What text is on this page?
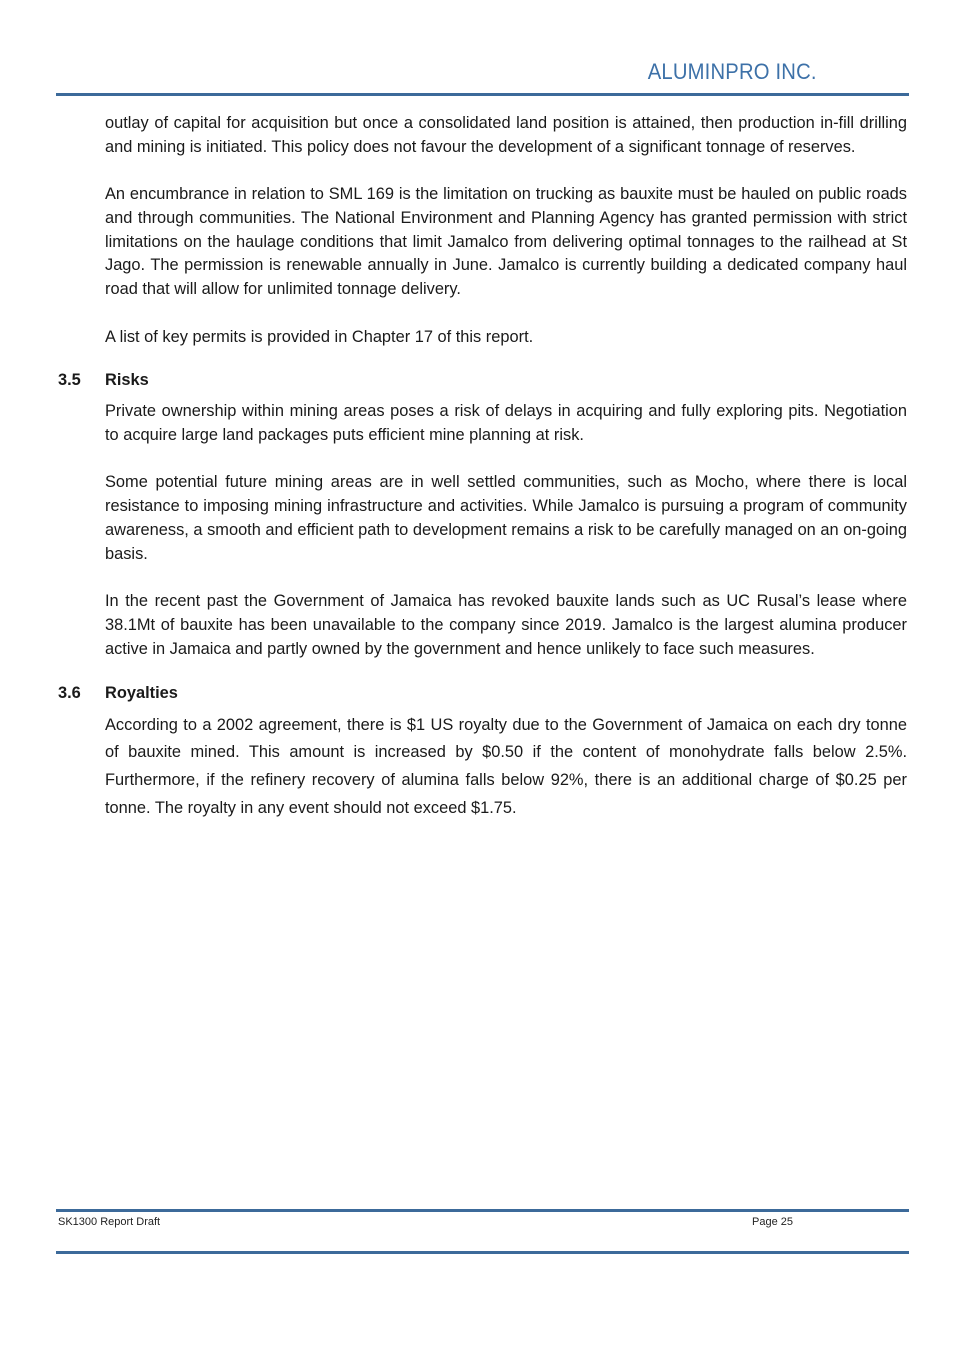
ALUMINPRO INC.

outlay of capital for acquisition but once a consolidated land position is attained, then production in-fill drilling and mining is initiated. This policy does not favour the development of a significant tonnage of reserves.

An encumbrance in relation to SML 169 is the limitation on trucking as bauxite must be hauled on public roads and through communities. The National Environment and Planning Agency has granted permission with strict limitations on the haulage conditions that limit Jamalco from delivering optimal tonnages to the railhead at St Jago. The permission is renewable annually in June. Jamalco is currently building a dedicated company haul road that will allow for unlimited tonnage delivery.

A list of key permits is provided in Chapter 17 of this report.

3.5 Risks

Private ownership within mining areas poses a risk of delays in acquiring and fully exploring pits. Negotiation to acquire large land packages puts efficient mine planning at risk.

Some potential future mining areas are in well settled communities, such as Mocho, where there is local resistance to imposing mining infrastructure and activities. While Jamalco is pursuing a program of community awareness, a smooth and efficient path to development remains a risk to be carefully managed on an on-going basis.

In the recent past the Government of Jamaica has revoked bauxite lands such as UC Rusal’s lease where 38.1Mt of bauxite has been unavailable to the company since 2019. Jamalco is the largest alumina producer active in Jamaica and partly owned by the government and hence unlikely to face such measures.

3.6 Royalties

According to a 2002 agreement, there is $1 US royalty due to the Government of Jamaica on each dry tonne of bauxite mined. This amount is increased by $0.50 if the content of monohydrate falls below 2.5%. Furthermore, if the refinery recovery of alumina falls below 92%, there is an additional charge of $0.25 per tonne. The royalty in any event should not exceed $1.75.

SK1300 Report Draft	Page 25
